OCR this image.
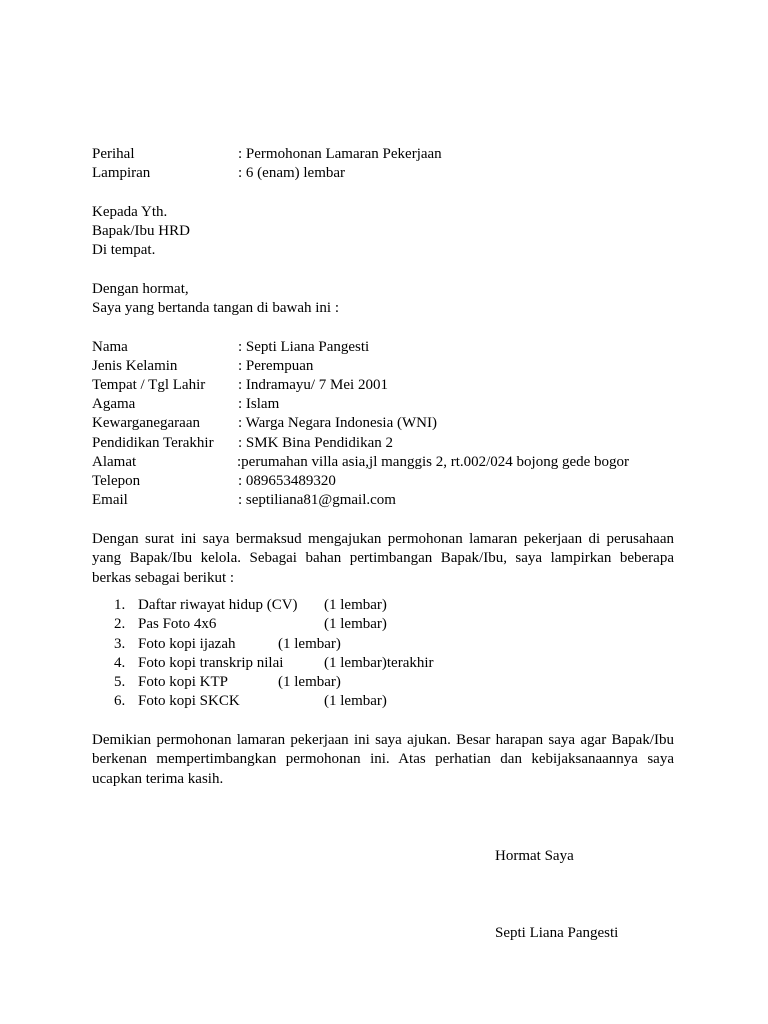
Perihal	: Permohonan Lamaran Pekerjaan
Lampiran	: 6 (enam) lembar
Kepada Yth.
Bapak/Ibu HRD
Di tempat.
Dengan hormat,
Saya yang bertanda tangan di bawah ini :
Nama	: Septi Liana Pangesti
Jenis Kelamin	: Perempuan
Tempat / Tgl Lahir : Indramayu/ 7 Mei 2001
Agama	: Islam
Kewarganegaraan	: Warga Negara Indonesia (WNI)
Pendidikan Terakhir : SMK Bina Pendidikan 2
Alamat	:perumahan villa asia,jl manggis 2, rt.002/024 bojong gede bogor
Telepon	: 089653489320
Email	: septiliana81@gmail.com

Dengan surat ini saya bermaksud mengajukan permohonan lamaran pekerjaan di perusahaan yang Bapak/Ibu kelola. Sebagai bahan pertimbangan Bapak/Ibu, saya lampirkan beberapa berkas sebagai berikut :

1. Daftar riwayat hidup (CV) (1 lembar)
2. Pas Foto 4x6	(1 lembar)
3. Foto kopi ijazah	(1 lembar)
4. Foto kopi transkrip nilai	(1 lembar)terakhir
5. Foto kopi KTP	(1 lembar)
6. Foto kopi SKCK	(1 lembar)

Demikian permohonan lamaran pekerjaan ini saya ajukan. Besar harapan saya agar Bapak/Ibu berkenan mempertimbangkan permohonan ini. Atas perhatian dan kebijaksanaannya saya ucapkan terima kasih.

Hormat Saya
Septi Liana Pangesti
